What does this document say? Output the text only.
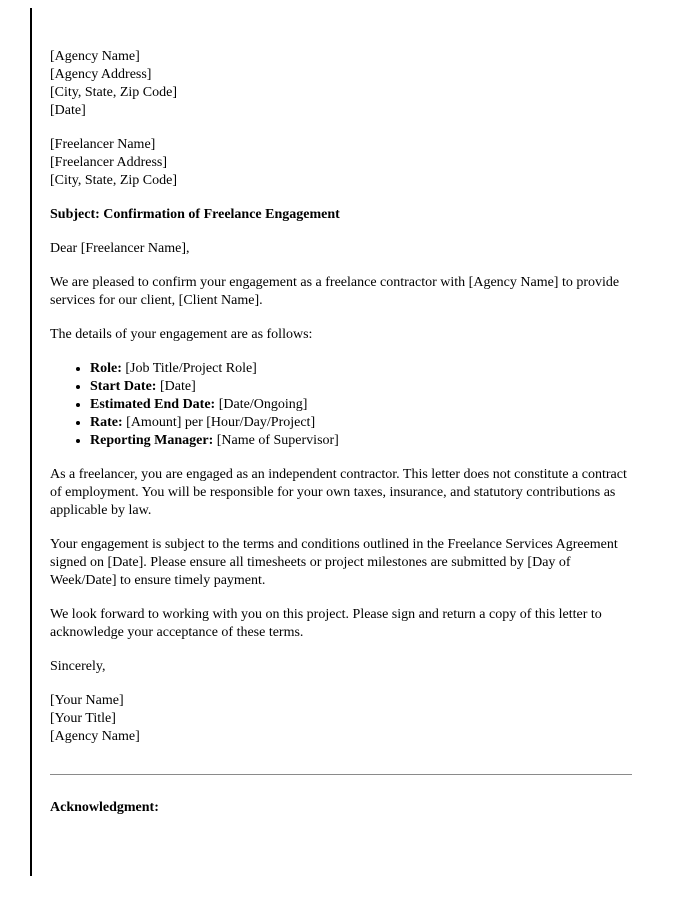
[Agency Name]
[Agency Address]
[City, State, Zip Code]
[Date]
[Freelancer Name]
[Freelancer Address]
[City, State, Zip Code]

Subject: Confirmation of Freelance Engagement

Dear [Freelancer Name],

We are pleased to confirm your engagement as a freelance contractor with [Agency Name] to provide services for our client, [Client Name].

The details of your engagement are as follows:

• Role: [Job Title/Project Role]
• Start Date: [Date]
• Estimated End Date: [Date/Ongoing]
• Rate: [Amount] per [Hour/Day/Project]
• Reporting Manager: [Name of Supervisor]

As a freelancer, you are engaged as an independent contractor. This letter does not constitute a contract of employment. You will be responsible for your own taxes, insurance, and statutory contributions as applicable by law.

Your engagement is subject to the terms and conditions outlined in the Freelance Services Agreement signed on [Date]. Please ensure all timesheets or project milestones are submitted by [Day of Week/Date] to ensure timely payment.

We look forward to working with you on this project. Please sign and return a copy of this letter to acknowledge your acceptance of these terms.

Sincerely,

[Your Name]
[Your Title]
[Agency Name]

Acknowledgment:
